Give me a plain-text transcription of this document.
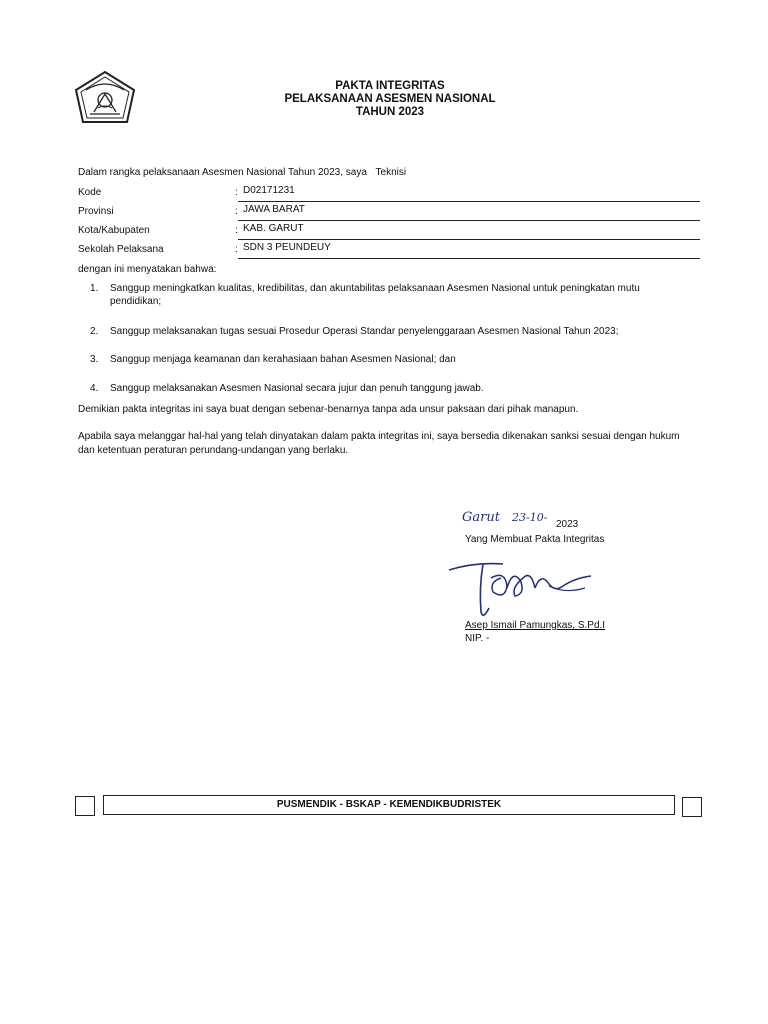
PAKTA INTEGRITAS
PELAKSANAAN ASESMEN NASIONAL
TAHUN 2023
Dalam rangka pelaksanaan Asesmen Nasional Tahun 2023, saya Teknisi
Kode	: D02171231
Provinsi	: JAWA BARAT
Kota/Kabupaten	: KAB. GARUT
Sekolah Pelaksana	: SDN 3 PEUNDEUY
dengan ini menyatakan bahwa:
1. Sanggup meningkatkan kualitas, kredibilitas, dan akuntabilitas pelaksanaan Asesmen Nasional untuk peningkatan mutu pendidikan;
2. Sanggup melaksanakan tugas sesuai Prosedur Operasi Standar penyelenggaraan Asesmen Nasional Tahun 2023;
3. Sanggup menjaga keamanan dan kerahasiaan bahan Asesmen Nasional; dan
4. Sanggup melaksanakan Asesmen Nasional secara jujur dan penuh tanggung jawab.
Demikian pakta integritas ini saya buat dengan sebenar-benarnya tanpa ada unsur paksaan dari pihak manapun.
Apabila saya melanggar hal-hal yang telah dinyatakan dalam pakta integritas ini, saya bersedia dikenakan sanksi sesuai dengan hukum dan ketentuan peraturan perundang-undangan yang berlaku.
Garut 23-10-
2023
Yang Membuat Pakta Integritas
Asep Ismail Pamungkas, S.Pd.I
NIP. -
PUSMENDIK - BSKAP - KEMENDIKBUDRISTEK
